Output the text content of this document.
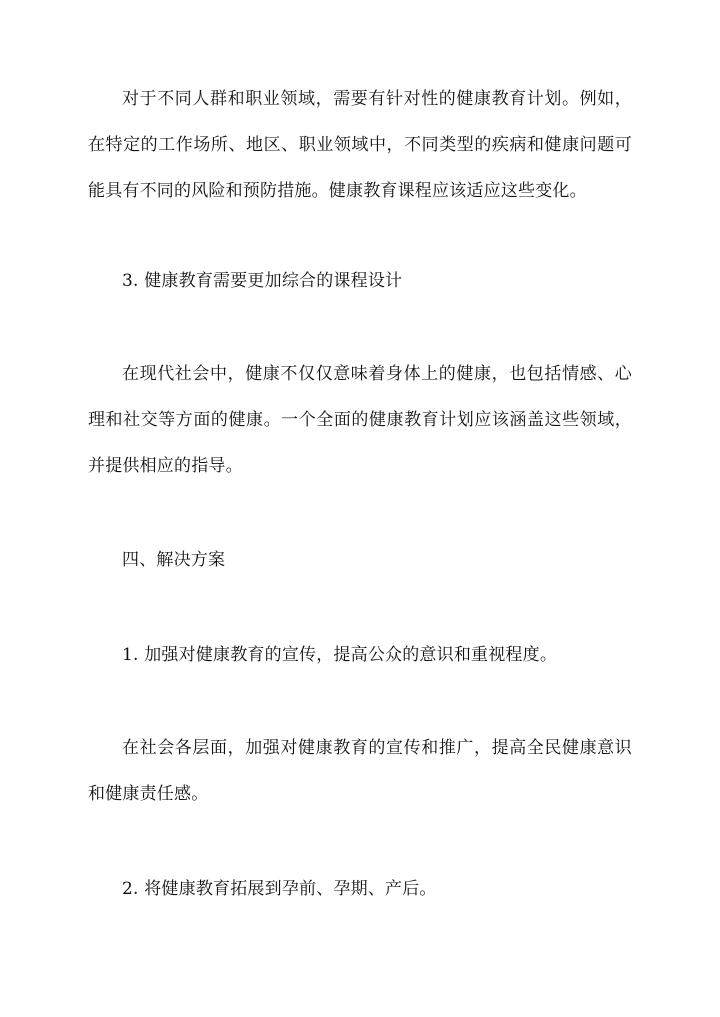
对于不同人群和职业领域，需要有针对性的健康教育计划。例如，在特定的工作场所、地区、职业领域中，不同类型的疾病和健康问题可能具有不同的风险和预防措施。健康教育课程应该适应这些变化。

3. 健康教育需要更加综合的课程设计

在现代社会中，健康不仅仅意味着身体上的健康，也包括情感、心理和社交等方面的健康。一个全面的健康教育计划应该涵盖这些领域，并提供相应的指导。

四、解决方案

1. 加强对健康教育的宣传，提高公众的意识和重视程度。

在社会各层面，加强对健康教育的宣传和推广，提高全民健康意识和健康责任感。

2. 将健康教育拓展到孕前、孕期、产后。
